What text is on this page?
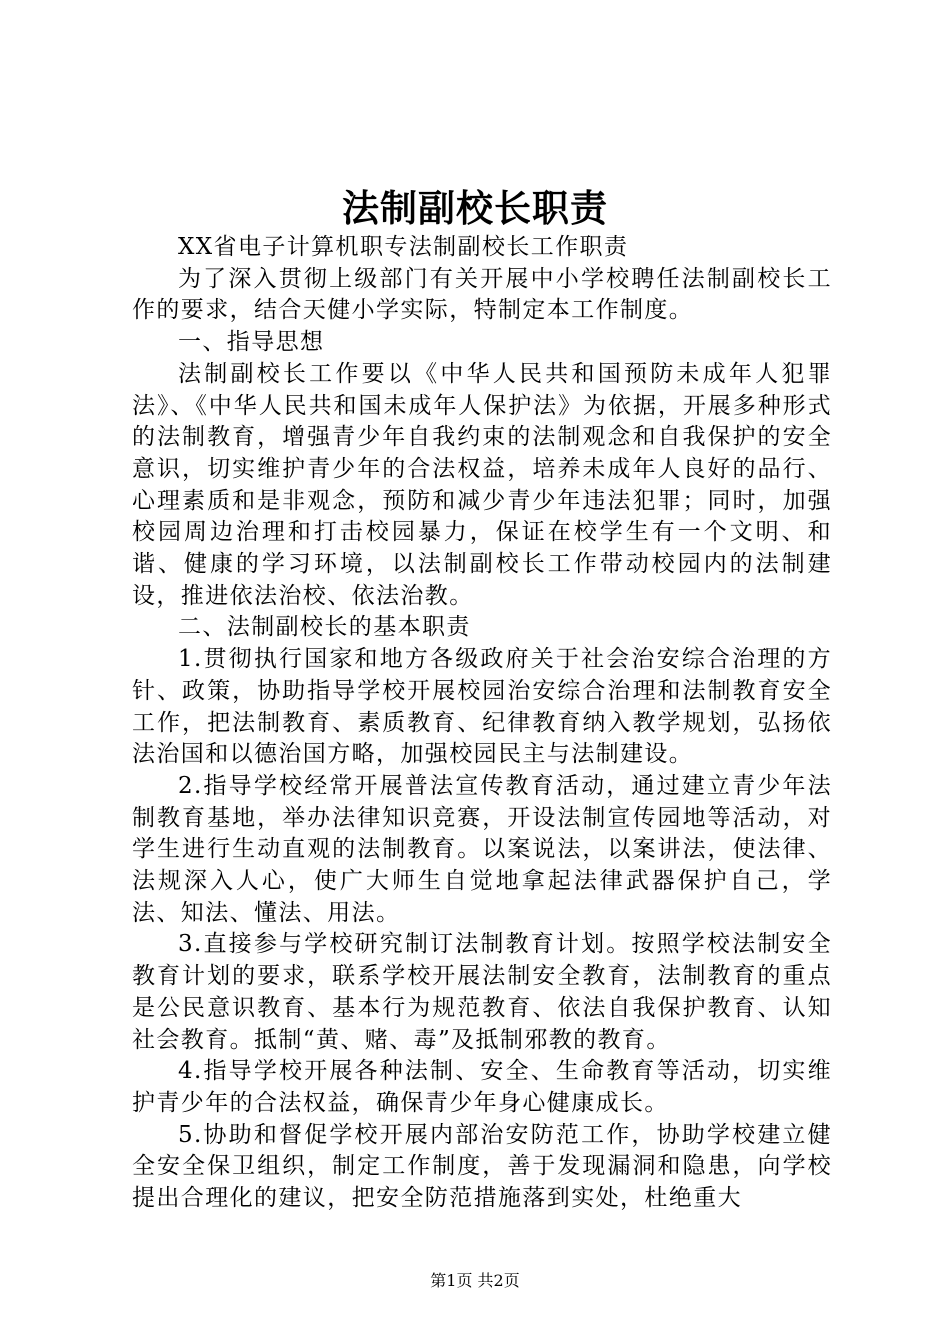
法制副校长职责

XX省电子计算机职专法制副校长工作职责

为了深入贯彻上级部门有关开展中小学校聘任法制副校长工作的要求，结合天健小学实际，特制定本工作制度。

一、指导思想

法制副校长工作要以《中华人民共和国预防未成年人犯罪法》、《中华人民共和国未成年人保护法》为依据，开展多种形式的法制教育，增强青少年自我约束的法制观念和自我保护的安全意识，切实维护青少年的合法权益，培养未成年人良好的品行、心理素质和是非观念，预防和减少青少年违法犯罪；同时，加强校园周边治理和打击校园暴力，保证在校学生有一个文明、和谐、健康的学习环境，以法制副校长工作带动校园内的法制建设，推进依法治校、依法治教。

二、法制副校长的基本职责

1.贯彻执行国家和地方各级政府关于社会治安综合治理的方针、政策，协助指导学校开展校园治安综合治理和法制教育安全工作，把法制教育、素质教育、纪律教育纳入教学规划，弘扬依法治国和以德治国方略，加强校园民主与法制建设。

2.指导学校经常开展普法宣传教育活动，通过建立青少年法制教育基地，举办法律知识竞赛，开设法制宣传园地等活动，对学生进行生动直观的法制教育。以案说法，以案讲法，使法律、法规深入人心，使广大师生自觉地拿起法律武器保护自己，学法、知法、懂法、用法。

3.直接参与学校研究制订法制教育计划。按照学校法制安全教育计划的要求，联系学校开展法制安全教育，法制教育的重点是公民意识教育、基本行为规范教育、依法自我保护教育、认知社会教育。抵制“黄、赌、毒”及抵制邪教的教育。

4.指导学校开展各种法制、安全、生命教育等活动，切实维护青少年的合法权益，确保青少年身心健康成长。

5.协助和督促学校开展内部治安防范工作，协助学校建立健全安全保卫组织，制定工作制度，善于发现漏洞和隐患，向学校提出合理化的建议，把安全防范措施落到实处，杜绝重大

第1页 共2页
